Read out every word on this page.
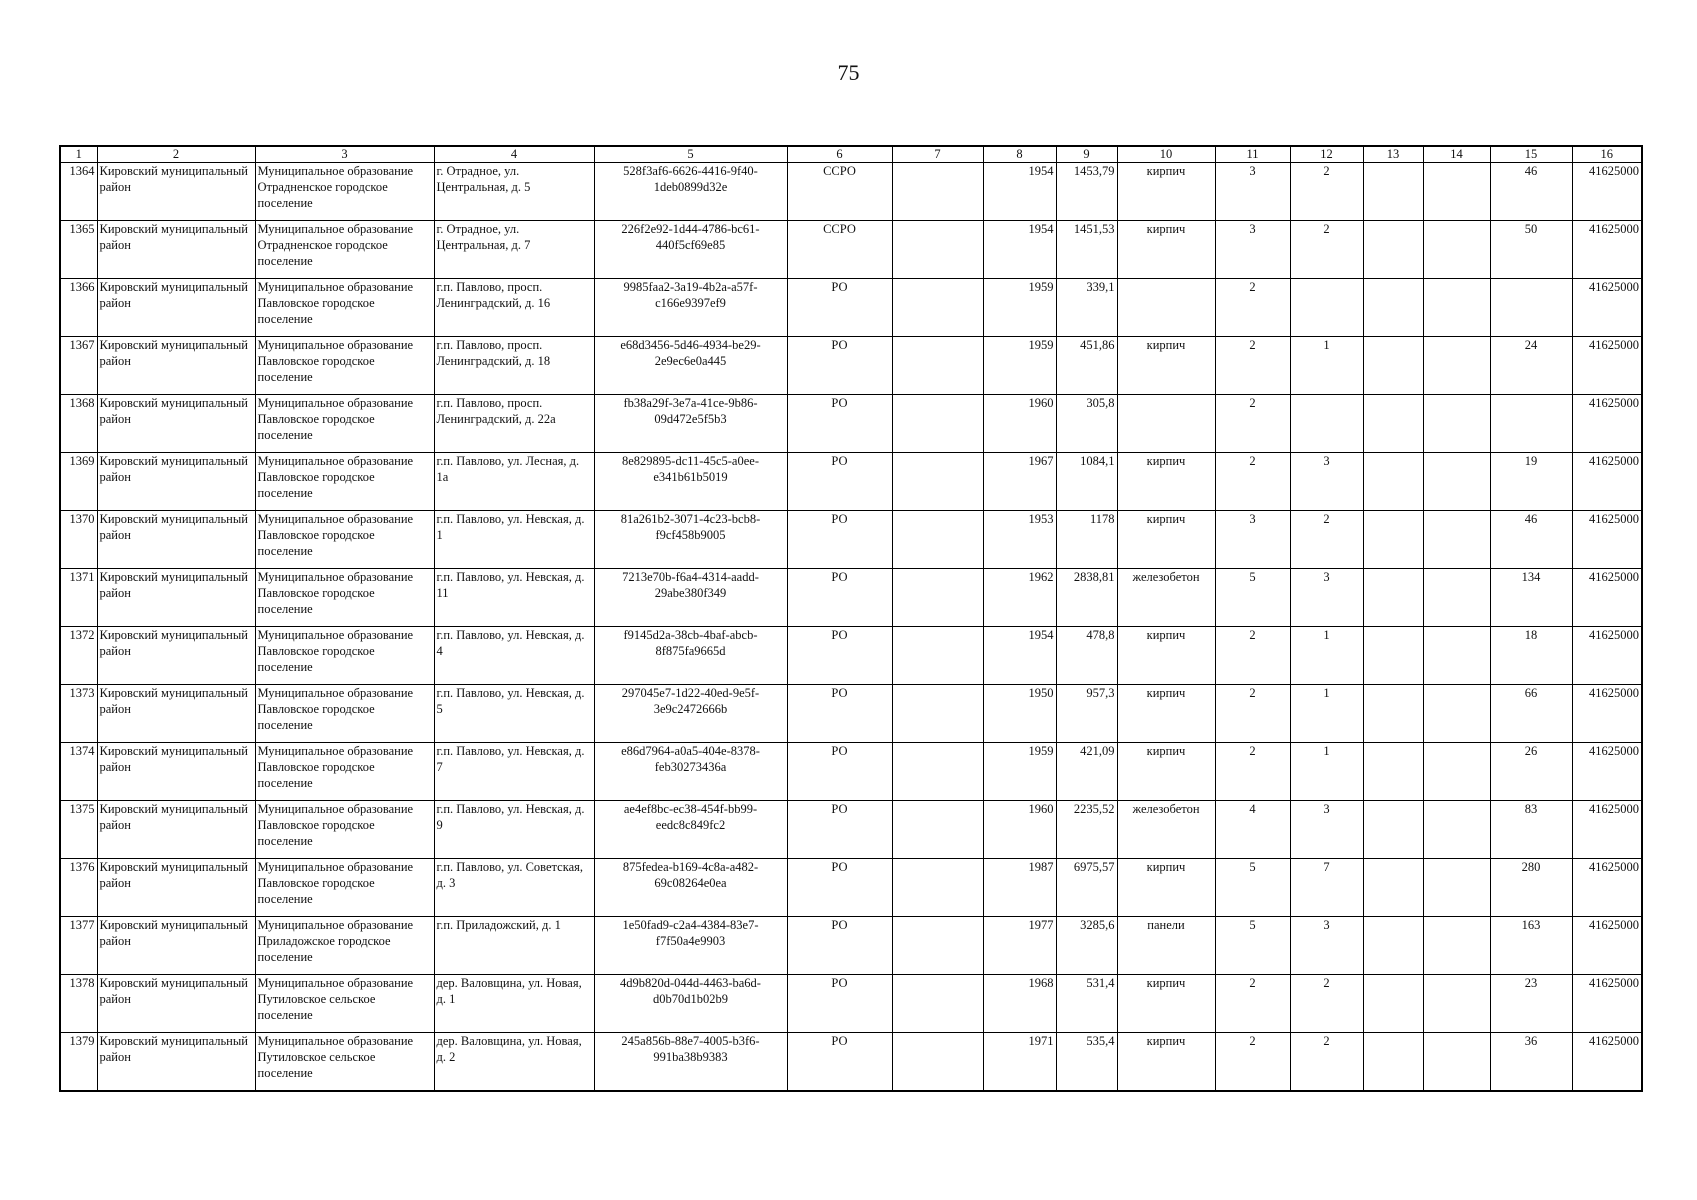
75
1	2	3	4	5	6	7	8	9	10	11	12	13	14	15	16
1364	Кировский муниципальный район	Муниципальное образование Отрадненское городское поселение	г. Отрадное, ул. Центральная, д. 5	528f3af6-6626-4416-9f40-1deb0899d32e	ССРО		1954	1453,79	кирпич	3	2			46	41625000
1365	Кировский муниципальный район	Муниципальное образование Отрадненское городское поселение	г. Отрадное, ул. Центральная, д. 7	226f2e92-1d44-4786-bc61-440f5cf69e85	ССРО		1954	1451,53	кирпич	3	2			50	41625000
1366	Кировский муниципальный район	Муниципальное образование Павловское городское поселение	г.п. Павлово, просп. Ленинградский, д. 16	9985faa2-3a19-4b2a-a57f-c166e9397ef9	РО		1959	339,1		2					41625000
1367	Кировский муниципальный район	Муниципальное образование Павловское городское поселение	г.п. Павлово, просп. Ленинградский, д. 18	e68d3456-5d46-4934-be29-2e9ec6e0a445	РО		1959	451,86	кирпич	2	1			24	41625000
1368	Кировский муниципальный район	Муниципальное образование Павловское городское поселение	г.п. Павлово, просп. Ленинградский, д. 22а	fb38a29f-3e7a-41ce-9b86-09d472e5f5b3	РО		1960	305,8		2					41625000
1369	Кировский муниципальный район	Муниципальное образование Павловское городское поселение	г.п. Павлово, ул. Лесная, д. 1а	8e829895-dc11-45c5-a0ee-e341b61b5019	РО		1967	1084,1	кирпич	2	3			19	41625000
1370	Кировский муниципальный район	Муниципальное образование Павловское городское поселение	г.п. Павлово, ул. Невская, д. 1	81a261b2-3071-4c23-bcb8-f9cf458b9005	РО		1953	1178	кирпич	3	2			46	41625000
1371	Кировский муниципальный район	Муниципальное образование Павловское городское поселение	г.п. Павлово, ул. Невская, д. 11	7213e70b-f6a4-4314-aadd-29abe380f349	РО		1962	2838,81	железобетон	5	3			134	41625000
1372	Кировский муниципальный район	Муниципальное образование Павловское городское поселение	г.п. Павлово, ул. Невская, д. 4	f9145d2a-38cb-4baf-abcb-8f875fa9665d	РО		1954	478,8	кирпич	2	1			18	41625000
1373	Кировский муниципальный район	Муниципальное образование Павловское городское поселение	г.п. Павлово, ул. Невская, д. 5	297045e7-1d22-40ed-9e5f-3e9c2472666b	РО		1950	957,3	кирпич	2	1			66	41625000
1374	Кировский муниципальный район	Муниципальное образование Павловское городское поселение	г.п. Павлово, ул. Невская, д. 7	e86d7964-a0a5-404e-8378-feb30273436a	РО		1959	421,09	кирпич	2	1			26	41625000
1375	Кировский муниципальный район	Муниципальное образование Павловское городское поселение	г.п. Павлово, ул. Невская, д. 9	ae4ef8bc-ec38-454f-bb99-eedc8c849fc2	РО		1960	2235,52	железобетон	4	3			83	41625000
1376	Кировский муниципальный район	Муниципальное образование Павловское городское поселение	г.п. Павлово, ул. Советская, д. 3	875fedea-b169-4c8a-a482-69c08264e0ea	РО		1987	6975,57	кирпич	5	7			280	41625000
1377	Кировский муниципальный район	Муниципальное образование Приладожское городское поселение	г.п. Приладожский, д. 1	1e50fad9-c2a4-4384-83e7-f7f50a4e9903	РО		1977	3285,6	панели	5	3			163	41625000
1378	Кировский муниципальный район	Муниципальное образование Путиловское сельское поселение	дер. Валовщина, ул. Новая, д. 1	4d9b820d-044d-4463-ba6d-d0b70d1b02b9	РО		1968	531,4	кирпич	2	2			23	41625000
1379	Кировский муниципальный район	Муниципальное образование Путиловское сельское поселение	дер. Валовщина, ул. Новая, д. 2	245a856b-88e7-4005-b3f6-991ba38b9383	РО		1971	535,4	кирпич	2	2			36	41625000
